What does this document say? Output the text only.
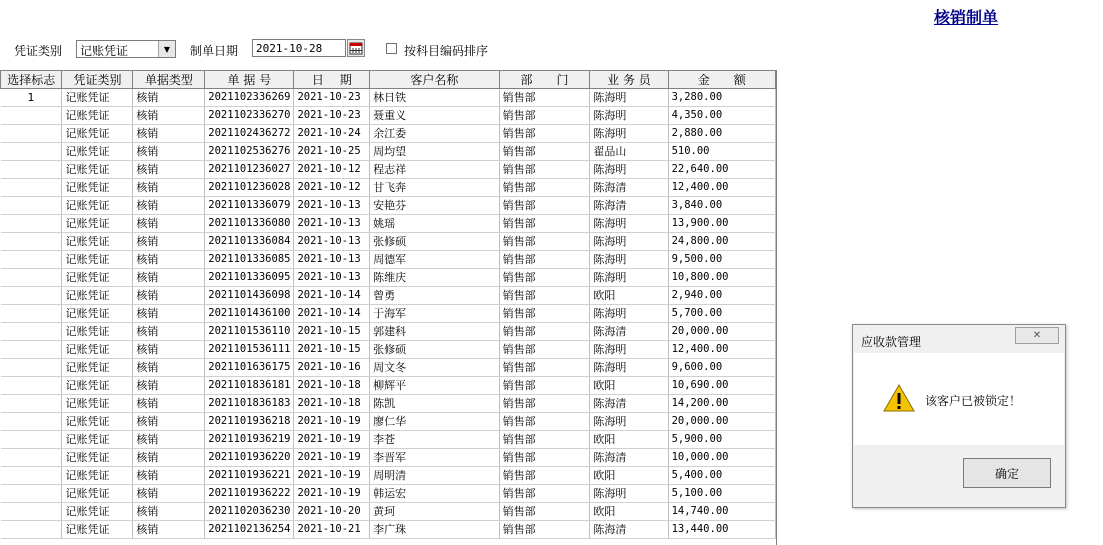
核销制单
凭证类别 记账凭证	▼	制单日期	2021-10-28	按科目编码排序
选择标志	凭证类别	单据类型	单 据 号	日　 期	客户名称	部　　门	业 务 员	金　　额
1	记账凭证	核销	2021102336269	2021-10-23	林日铁	销售部	陈海明	3,280.00
	记账凭证	核销	2021102336270	2021-10-23	聂重义	销售部	陈海明	4,350.00
	记账凭证	核销	2021102436272	2021-10-24	余江委	销售部	陈海明	2,880.00
	记账凭证	核销	2021102536276	2021-10-25	周均望	销售部	翟品山	510.00
	记账凭证	核销	2021101236027	2021-10-12	程志祥	销售部	陈海明	22,640.00
	记账凭证	核销	2021101236028	2021-10-12	甘飞奔	销售部	陈海清	12,400.00
	记账凭证	核销	2021101336079	2021-10-13	安艳芬	销售部	陈海清	3,840.00
	记账凭证	核销	2021101336080	2021-10-13	姚瑶	销售部	陈海明	13,900.00
	记账凭证	核销	2021101336084	2021-10-13	张修硕	销售部	陈海明	24,800.00
	记账凭证	核销	2021101336085	2021-10-13	周德军	销售部	陈海明	9,500.00
	记账凭证	核销	2021101336095	2021-10-13	陈维庆	销售部	陈海明	10,800.00
	记账凭证	核销	2021101436098	2021-10-14	曾勇	销售部	欧阳	2,940.00
	记账凭证	核销	2021101436100	2021-10-14	于海军	销售部	陈海明	5,700.00
	记账凭证	核销	2021101536110	2021-10-15	郭建科	销售部	陈海清	20,000.00
	记账凭证	核销	2021101536111	2021-10-15	张修硕	销售部	陈海明	12,400.00
	记账凭证	核销	2021101636175	2021-10-16	周文冬	销售部	陈海明	9,600.00
	记账凭证	核销	2021101836181	2021-10-18	柳辉平	销售部	欧阳	10,690.00
	记账凭证	核销	2021101836183	2021-10-18	陈凯	销售部	陈海清	14,200.00
	记账凭证	核销	2021101936218	2021-10-19	廖仁华	销售部	陈海明	20,000.00
	记账凭证	核销	2021101936219	2021-10-19	李苍	销售部	欧阳	5,900.00
	记账凭证	核销	2021101936220	2021-10-19	李晋军	销售部	陈海清	10,000.00
	记账凭证	核销	2021101936221	2021-10-19	周明清	销售部	欧阳	5,400.00
	记账凭证	核销	2021101936222	2021-10-19	韩运宏	销售部	陈海明	5,100.00
	记账凭证	核销	2021102036230	2021-10-20	黄珂	销售部	欧阳	14,740.00
	记账凭证	核销	2021102136254	2021-10-21	李广珠	销售部	陈海清	13,440.00
应收款管理	✕
该客户已被锁定！
确定
